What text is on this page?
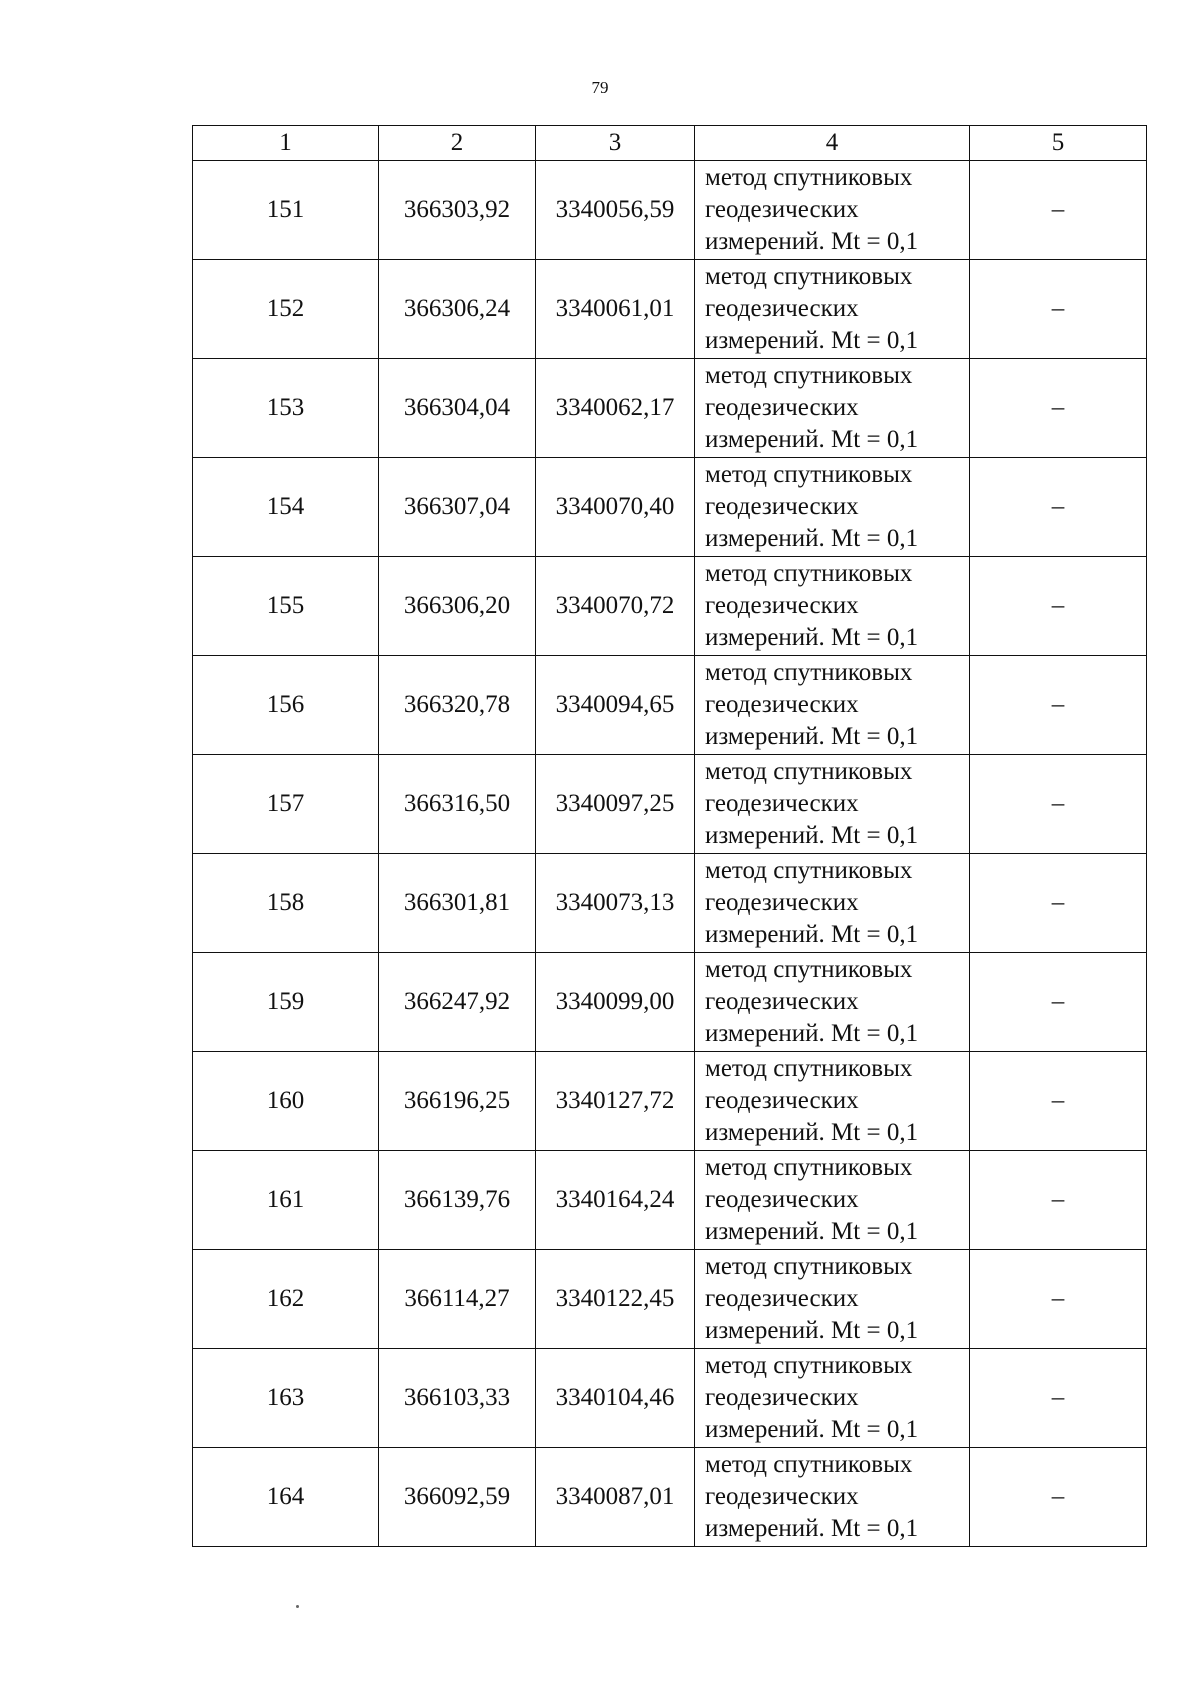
79
1	2	3	4	5
151	366303,92	3340056,59	метод спутниковых
геодезических
измерений. Mt = 0,1	–
152	366306,24	3340061,01	метод спутниковых
геодезических
измерений. Mt = 0,1	–
153	366304,04	3340062,17	метод спутниковых
геодезических
измерений. Mt = 0,1	–
154	366307,04	3340070,40	метод спутниковых
геодезических
измерений. Mt = 0,1	–
155	366306,20	3340070,72	метод спутниковых
геодезических
измерений. Mt = 0,1	–
156	366320,78	3340094,65	метод спутниковых
геодезических
измерений. Mt = 0,1	–
157	366316,50	3340097,25	метод спутниковых
геодезических
измерений. Mt = 0,1	–
158	366301,81	3340073,13	метод спутниковых
геодезических
измерений. Mt = 0,1	–
159	366247,92	3340099,00	метод спутниковых
геодезических
измерений. Mt = 0,1	–
160	366196,25	3340127,72	метод спутниковых
геодезических
измерений. Mt = 0,1	–
161	366139,76	3340164,24	метод спутниковых
геодезических
измерений. Mt = 0,1	–
162	366114,27	3340122,45	метод спутниковых
геодезических
измерений. Mt = 0,1	–
163	366103,33	3340104,46	метод спутниковых
геодезических
измерений. Mt = 0,1	–
164	366092,59	3340087,01	метод спутниковых
геодезических
измерений. Mt = 0,1	–
